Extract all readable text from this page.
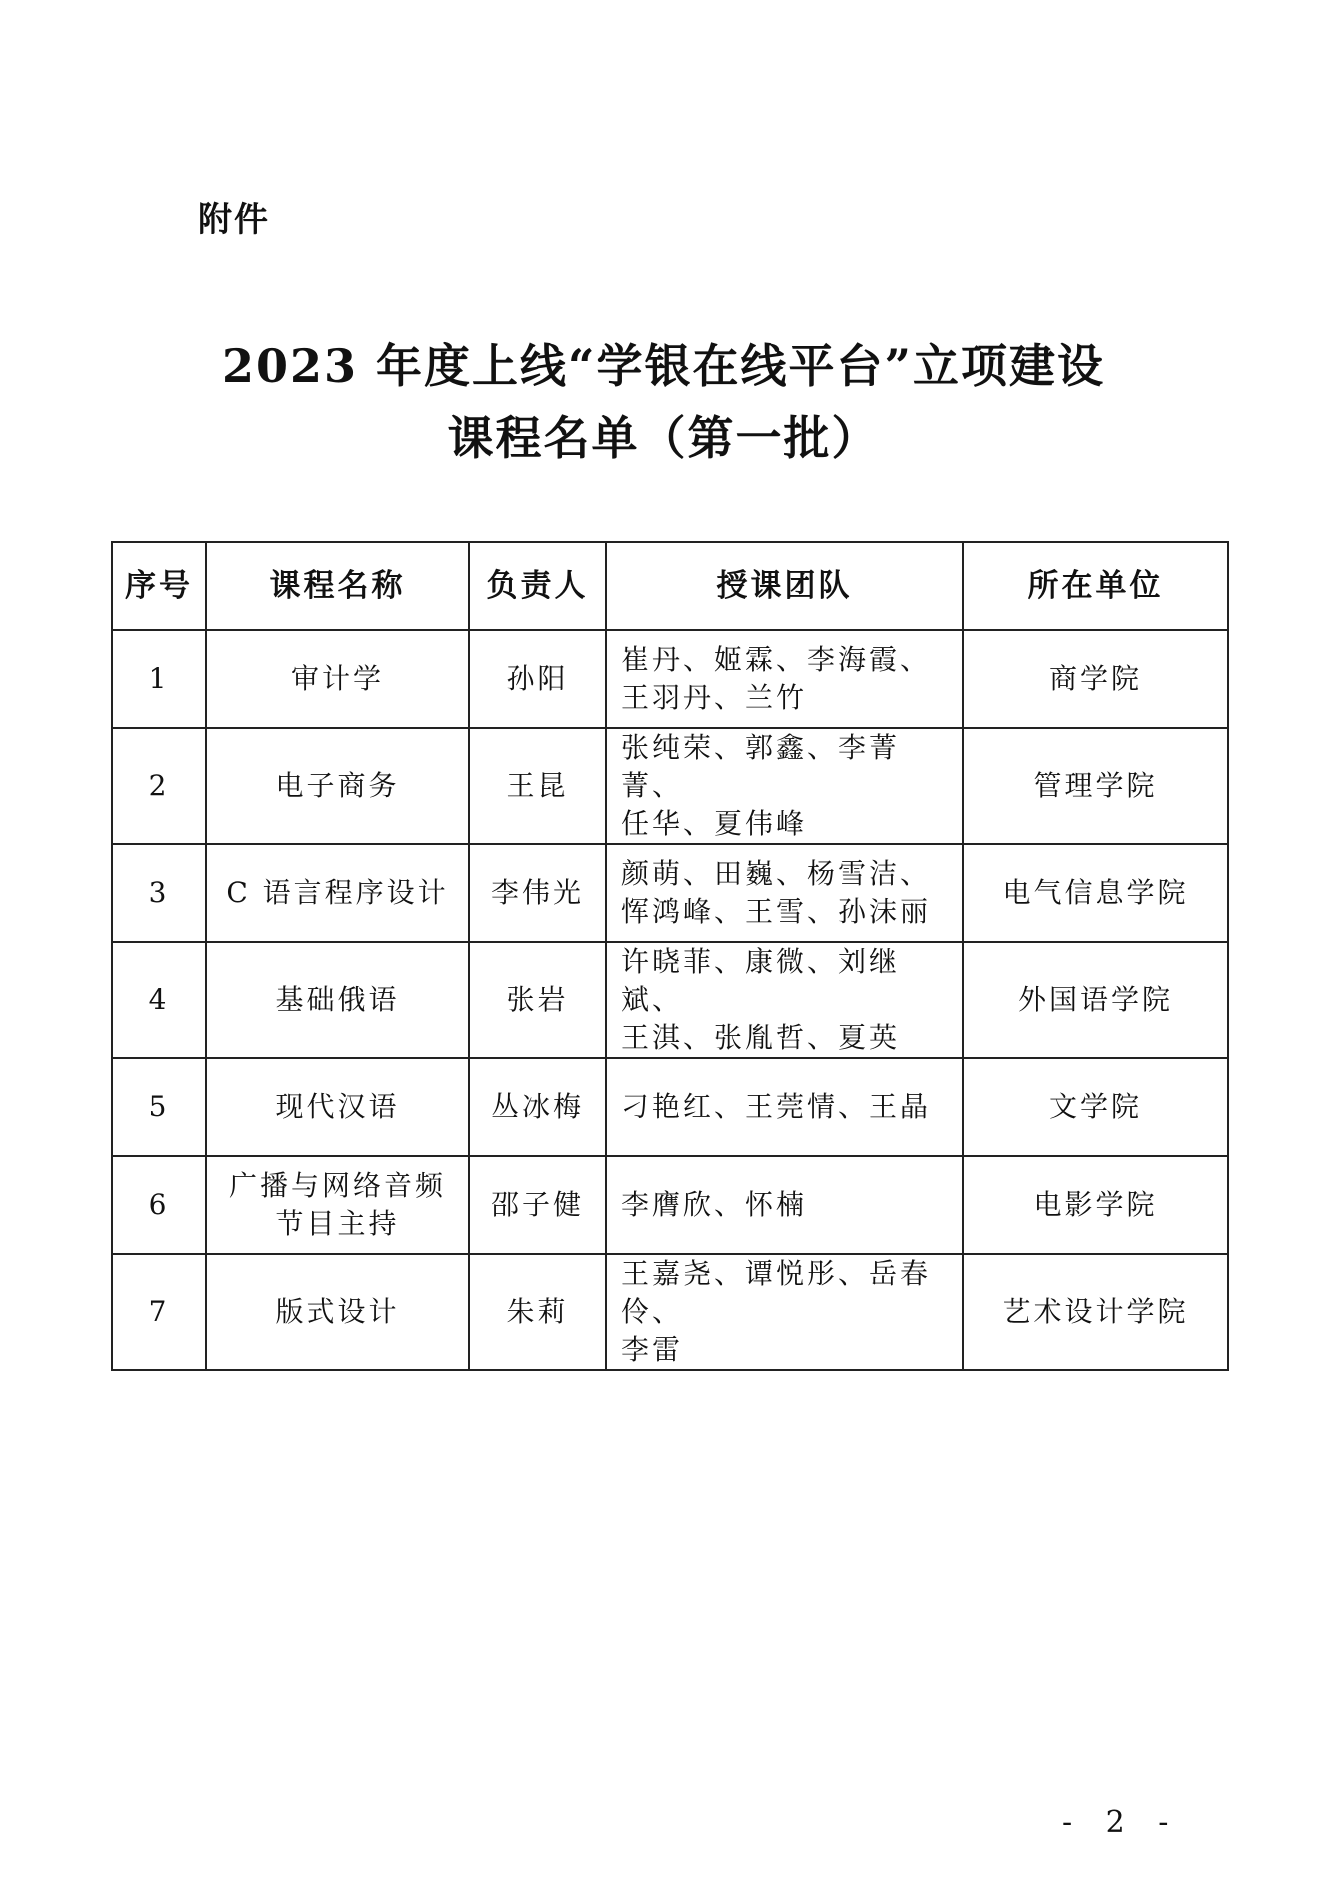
附件
2023 年度上线“学银在线平台”立项建设
课程名单（第一批）
序号	课程名称	负责人	授课团队	所在单位
1	审计学	孙阳	崔丹、姬霖、李海霞、
王羽丹、兰竹	商学院
2	电子商务	王昆	张纯荣、郭鑫、李菁菁、
任华、夏伟峰	管理学院
3	C 语言程序设计	李伟光	颜萌、田巍、杨雪洁、
恽鸿峰、王雪、孙沫丽	电气信息学院
4	基础俄语	张岩	许晓菲、康微、刘继斌、
王淇、张胤哲、夏英	外国语学院
5	现代汉语	丛冰梅	刁艳红、王莞情、王晶	文学院
6	广播与网络音频
节目主持	邵子健	李膺欣、怀楠	电影学院
7	版式设计	朱莉	王嘉尧、谭悦彤、岳春伶、
李雷	艺术设计学院
- 2 -
